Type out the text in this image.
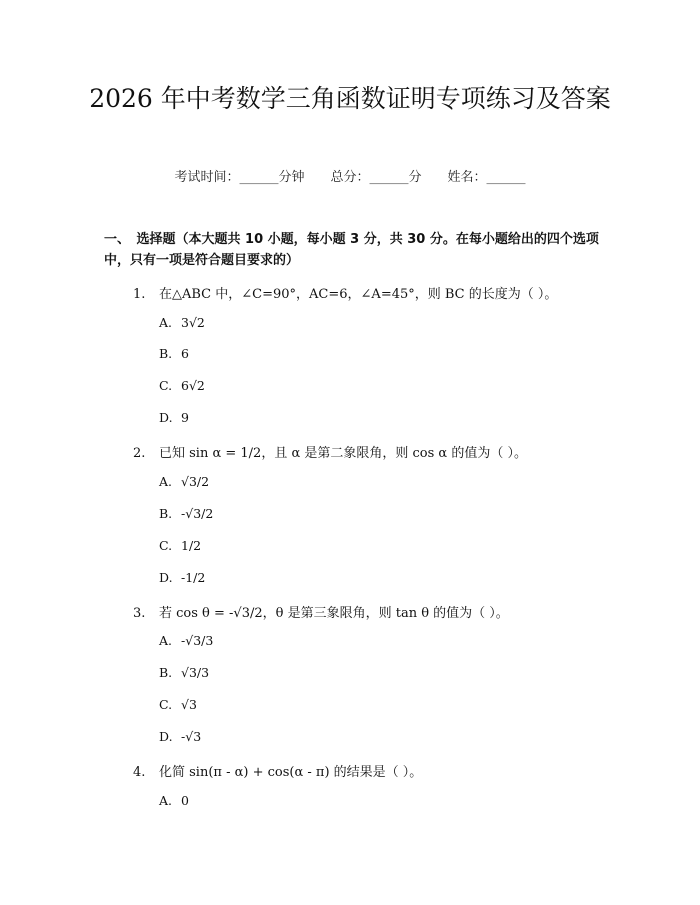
2026 年中考数学三角函数证明专项练习及答案
考试时间：______分钟 总分：______分 姓名：______
一、　选择题（本大题共 10 小题，每小题 3 分，共 30 分。在每小题给出的四个选项中，只有一项是符合题目要求的）
1. 在△ABC 中，∠C=90°，AC=6，∠A=45°，则 BC 的长度为（ ）。
A. 3√2
B. 6
C. 6√2
D. 9
2. 已知 sin α = 1/2，且 α 是第二象限角，则 cos α 的值为（ ）。
A. √3/2
B. -√3/2
C. 1/2
D. -1/2
3. 若 cos θ = -√3/2，θ 是第三象限角，则 tan θ 的值为（ ）。
A. -√3/3
B. √3/3
C. √3
D. -√3
4. 化简 sin(π - α) + cos(α - π) 的结果是（ ）。
A. 0
